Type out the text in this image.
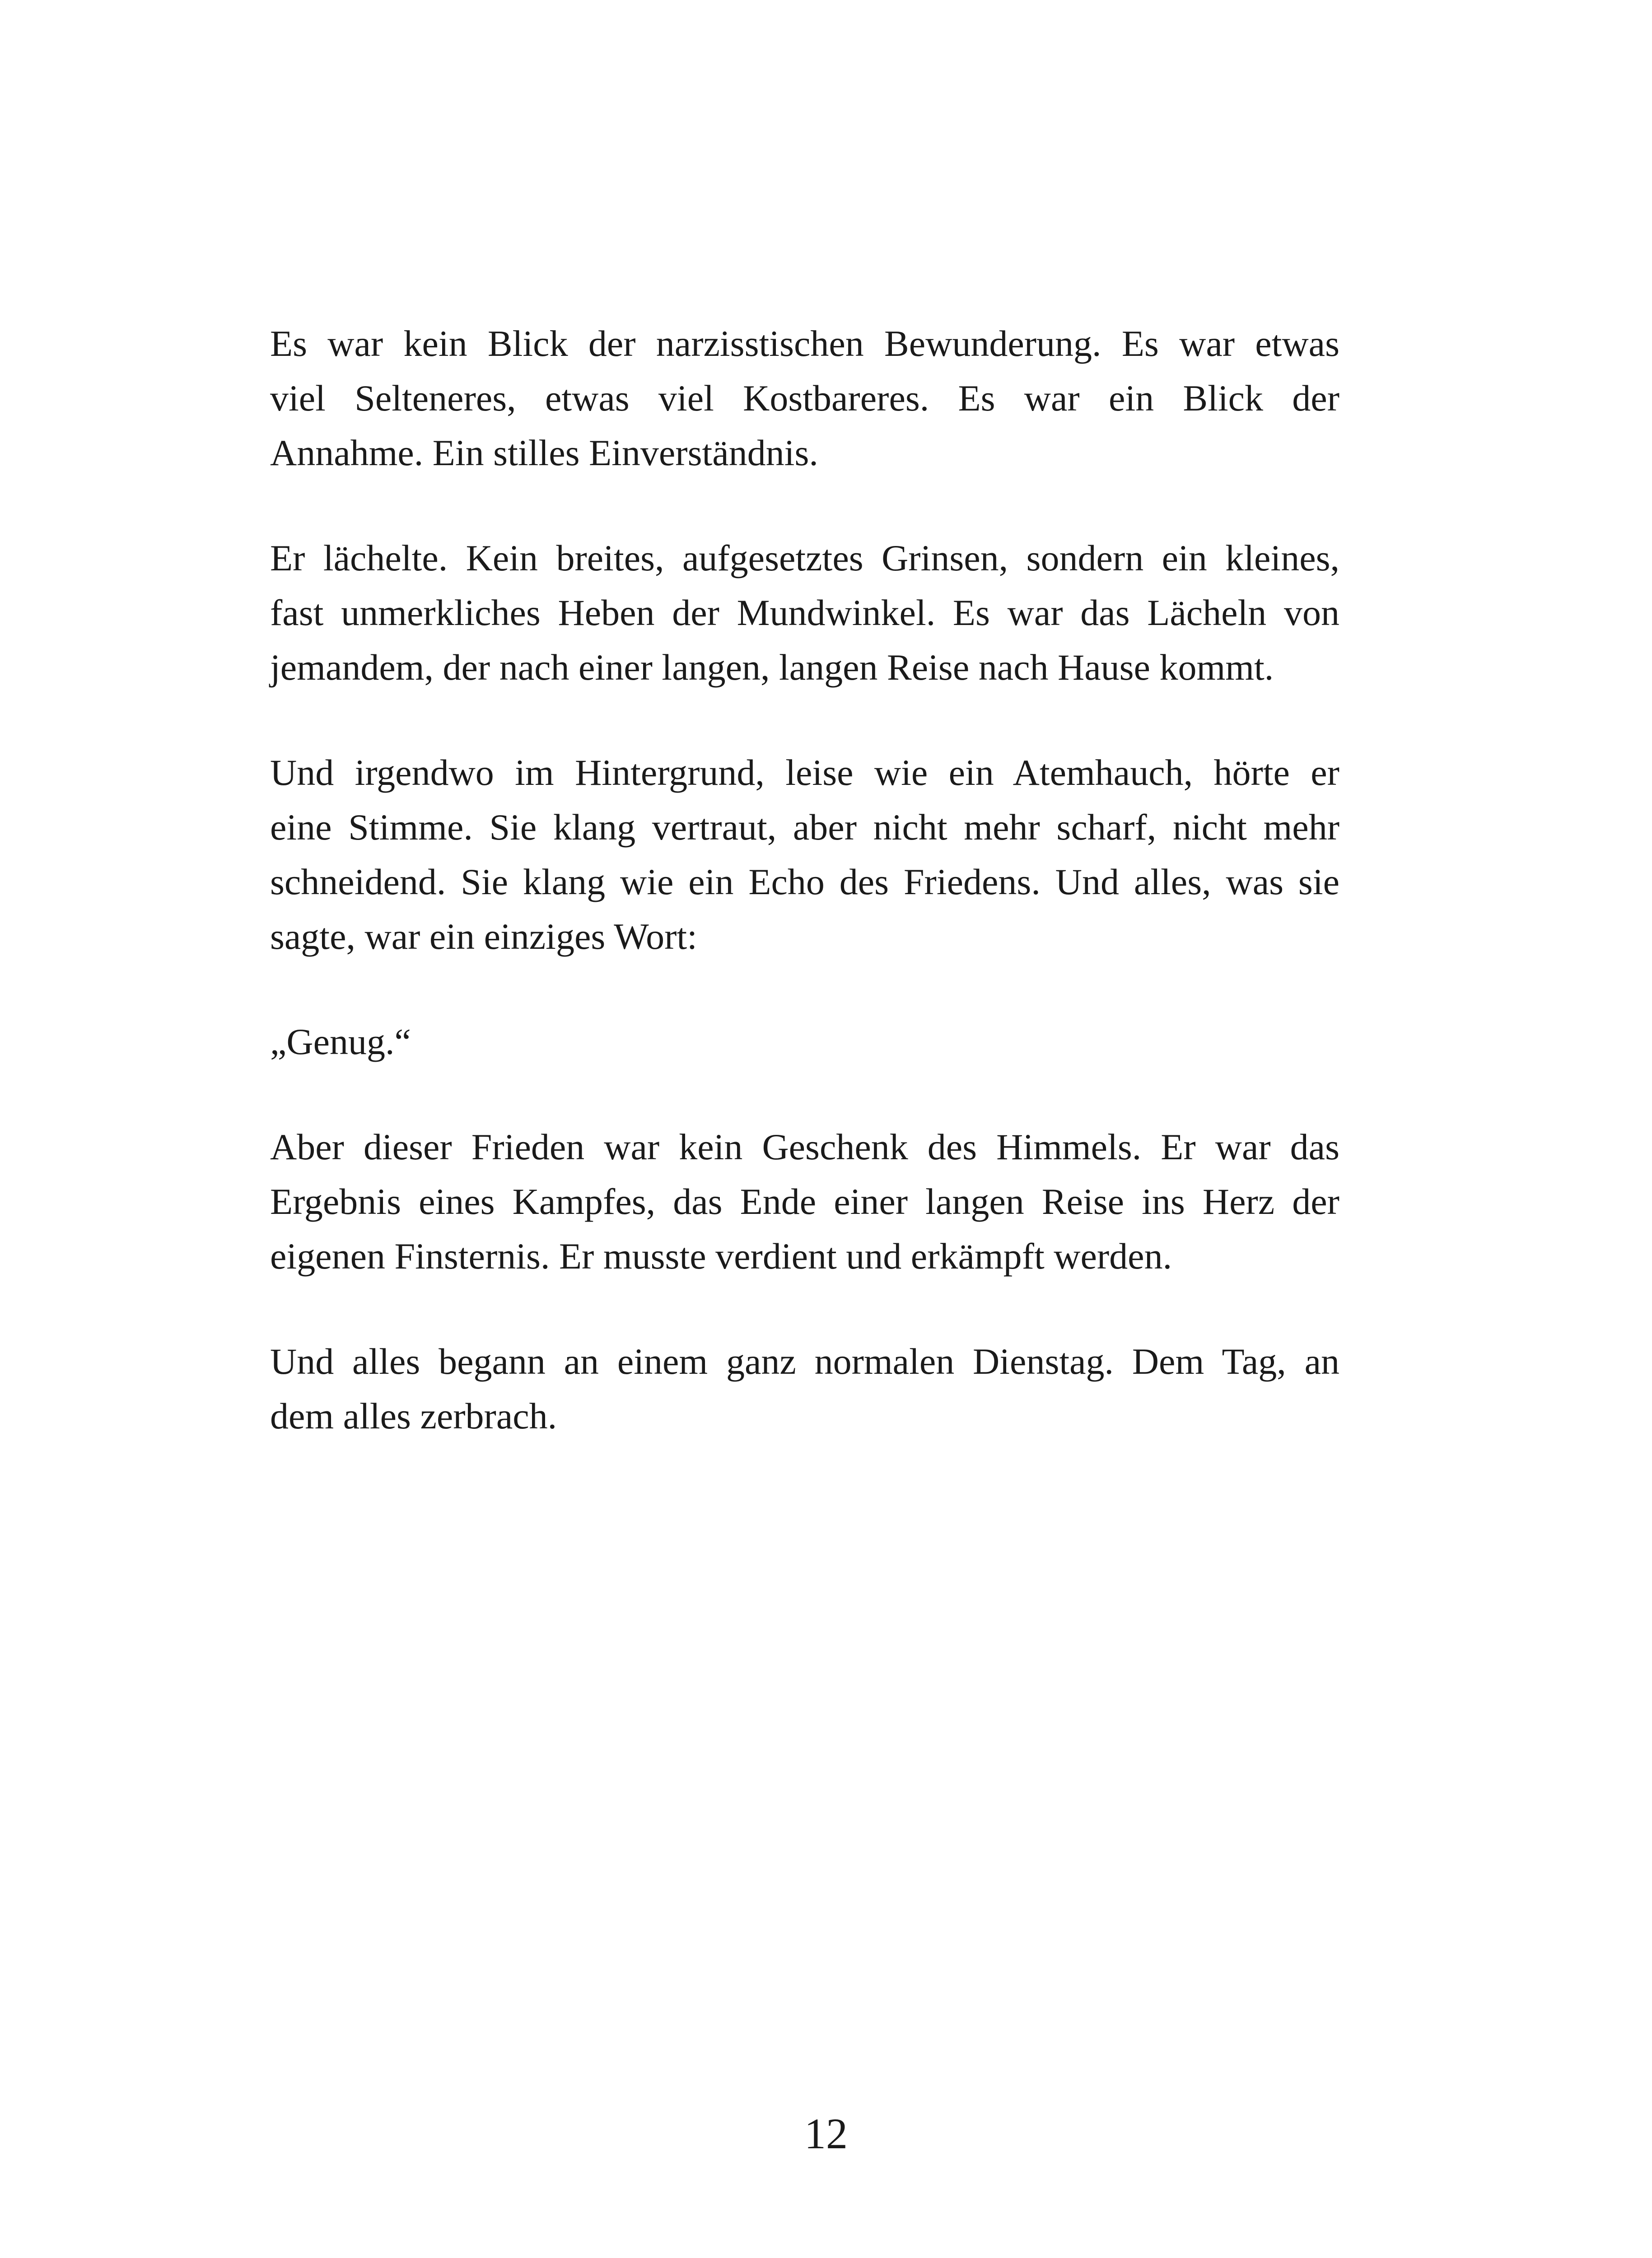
Es war kein Blick der narzisstischen Bewunderung. Es war etwas
viel Selteneres, etwas viel Kostbareres. Es war ein Blick der
Annahme. Ein stilles Einverständnis.

Er lächelte. Kein breites, aufgesetztes Grinsen, sondern ein kleines,
fast unmerkliches Heben der Mundwinkel. Es war das Lächeln von
jemandem, der nach einer langen, langen Reise nach Hause kommt.

Und irgendwo im Hintergrund, leise wie ein Atemhauch, hörte er
eine Stimme. Sie klang vertraut, aber nicht mehr scharf, nicht mehr
schneidend. Sie klang wie ein Echo des Friedens. Und alles, was sie
sagte, war ein einziges Wort:

„Genug.“

Aber dieser Frieden war kein Geschenk des Himmels. Er war das
Ergebnis eines Kampfes, das Ende einer langen Reise ins Herz der
eigenen Finsternis. Er musste verdient und erkämpft werden.

Und alles begann an einem ganz normalen Dienstag. Dem Tag, an
dem alles zerbrach.

12
